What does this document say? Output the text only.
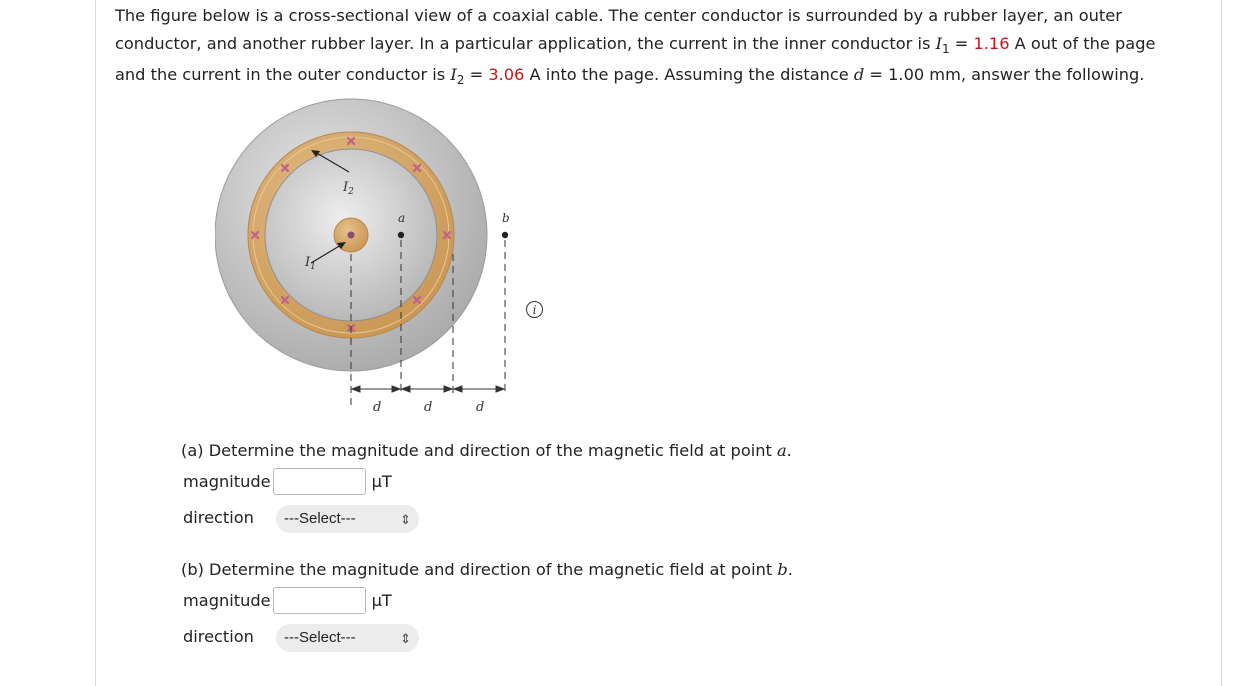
The figure below is a cross-sectional view of a coaxial cable. The center conductor is surrounded by a rubber layer, an outer

conductor, and another rubber layer. In a particular application, the current in the inner conductor is $I_1 = 1.16$ A out of the page

and the current in the outer conductor is $I_2 = 3.06$ A into the page. Assuming the distance d = 1.00 mm, answer the following.

$I_2$
$I_1$
a	b
d	d	d
i
(a) Determine the magnitude and direction of the magnetic field at point a.
magnitude	μT
direction	---Select---	⇕
(b) Determine the magnitude and direction of the magnetic field at point b.
magnitude	μT
direction	---Select---	⇕
